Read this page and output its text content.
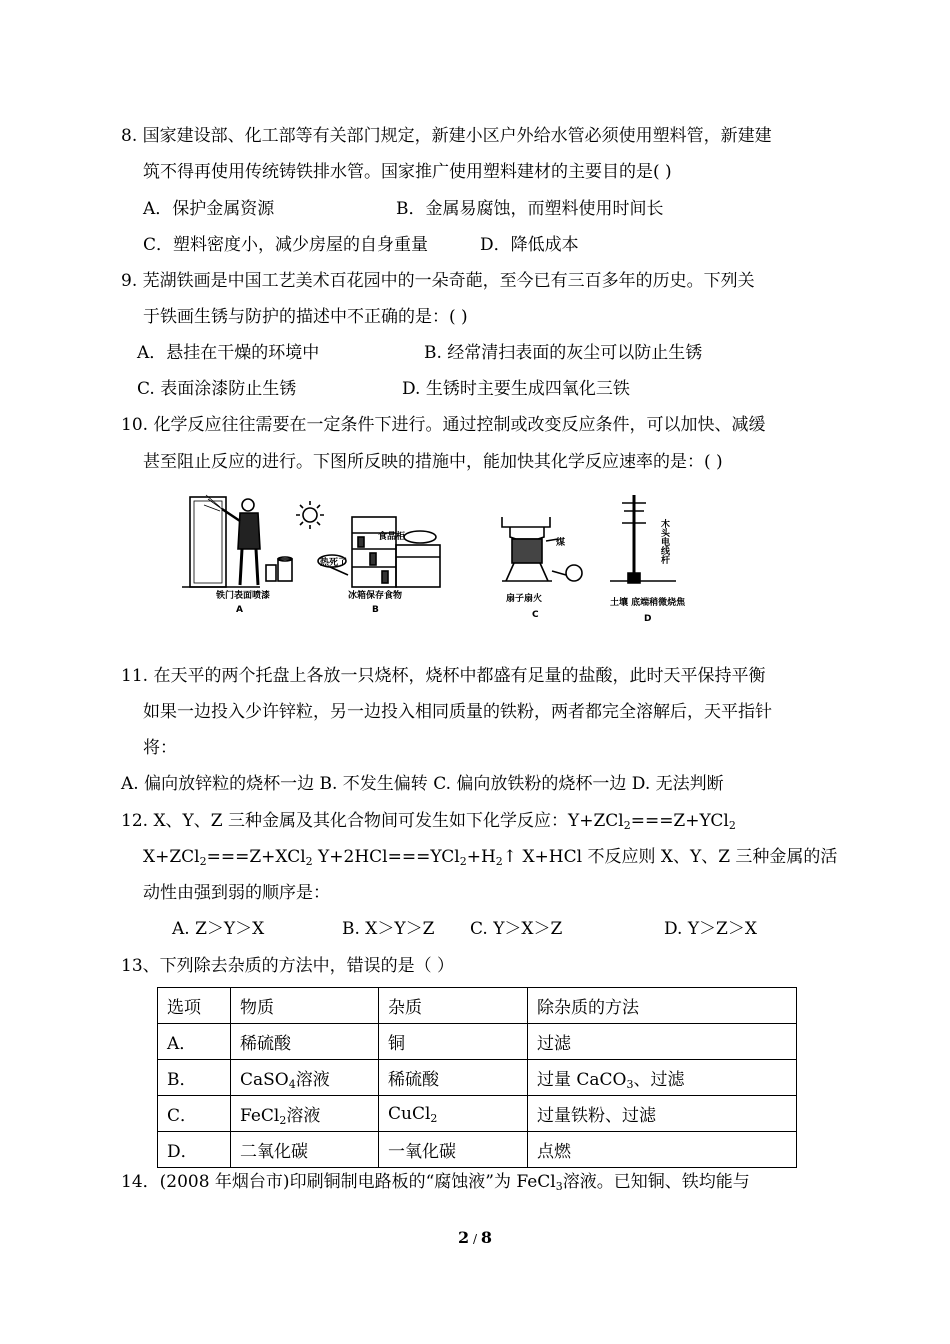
8. 国家建设部、化工部等有关部门规定，新建小区户外给水管必须使用塑料管，新建建
筑不得再使用传统铸铁排水管。国家推广使用塑料建材的主要目的是( )
A．保护金属资源	B．金属易腐蚀，而塑料使用时间长
C．塑料密度小，减少房屋的自身重量	D．降低成本
9. 芜湖铁画是中国工艺美术百花园中的一朵奇葩，至今已有三百多年的历史。下列关
于铁画生锈与防护的描述中不正确的是：( )
A．悬挂在干燥的环境中	B. 经常清扫表面的灰尘可以防止生锈
C. 表面涂漆防止生锈	D. 生锈时主要生成四氧化三铁
10. 化学反应往往需要在一定条件下进行。通过控制或改变反应条件，可以加快、减缓
甚至阻止反应的进行。下图所反映的措施中，能加快其化学反应速率的是：( )
食品柜
热死了
煤	木头电线杆
铁门表面喷漆
A
冰箱保存食物
B
扇子扇火
C
土壤 底端稍微烧焦
D
11. 在天平的两个托盘上各放一只烧杯，烧杯中都盛有足量的盐酸，此时天平保持平衡
如果一边投入少许锌粒，另一边投入相同质量的铁粉，两者都完全溶解后，天平指针
将：
A. 偏向放锌粒的烧杯一边 B. 不发生偏转 C. 偏向放铁粉的烧杯一边 D. 无法判断
12. X、Y、Z 三种金属及其化合物间可发生如下化学反应：Y+ZCl$_2$===Z+YCl$_2$
X+ZCl$_2$===Z+XCl$_2$ $Y+2HCl===YCl_2+H_2↑$ X+HCl 不反应则 X、Y、Z 三种金属的活
动性由强到弱的顺序是：
A. Z＞Y＞X	B. X＞Y＞Z C. Y＞X＞Z	D. Y＞Z＞X
13、下列除去杂质的方法中，错误的是（ ）
选项	物质	杂质	除杂质的方法
A．	稀硫酸	铜	过滤
B．	CaSO$_4$溶液	稀硫酸	过量 CaCO$_3$、过滤
C．	FeCl$_2$溶液	CuCl$_2$	过量铁粉、过滤
D．	二氧化碳	一氧化碳	点燃
14．(2008 年烟台市)印刷铜制电路板的“腐蚀液”为 FeCl$_3$溶液。已知铜、铁均能与
2 / 8
